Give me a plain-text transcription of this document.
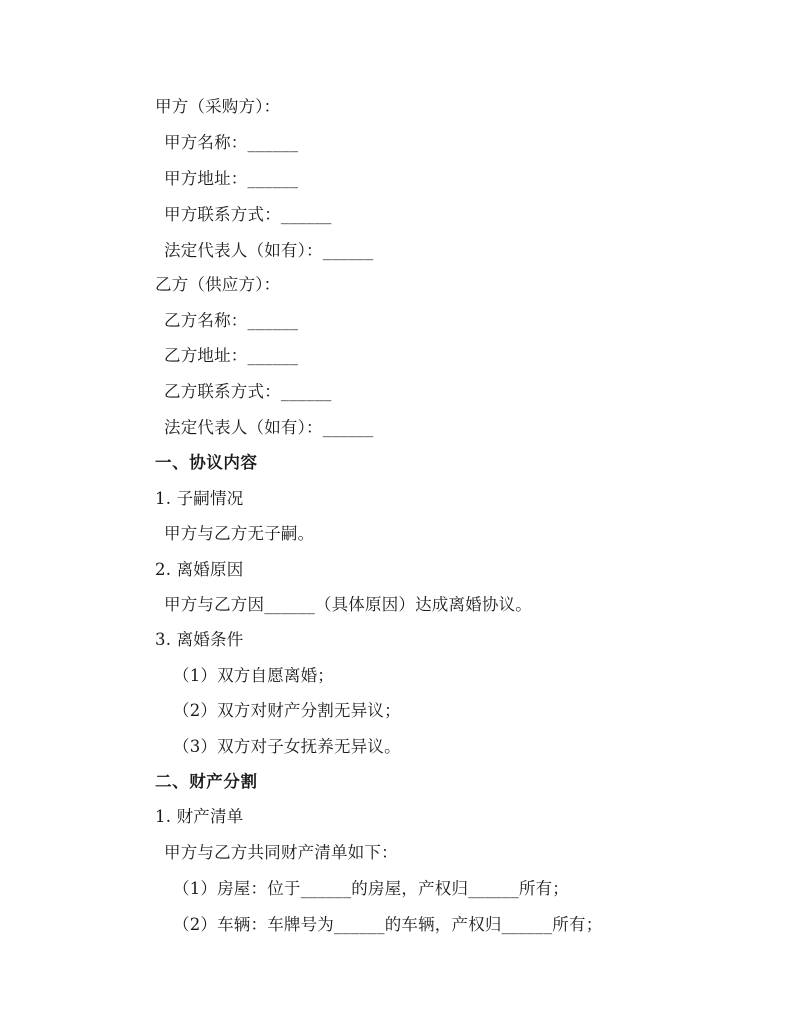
甲方（采购方）：
甲方名称：______
甲方地址：______
甲方联系方式：______
法定代表人（如有）：______
乙方（供应方）：
乙方名称：______
乙方地址：______
乙方联系方式：______
法定代表人（如有）：______
一、协议内容
1. 子嗣情况
甲方与乙方无子嗣。
2. 离婚原因
甲方与乙方因______（具体原因）达成离婚协议。
3. 离婚条件
（1）双方自愿离婚；
（2）双方对财产分割无异议；
（3）双方对子女抚养无异议。
二、财产分割
1. 财产清单
甲方与乙方共同财产清单如下：
（1）房屋：位于______的房屋，产权归______所有；
（2）车辆：车牌号为______的车辆，产权归______所有；
